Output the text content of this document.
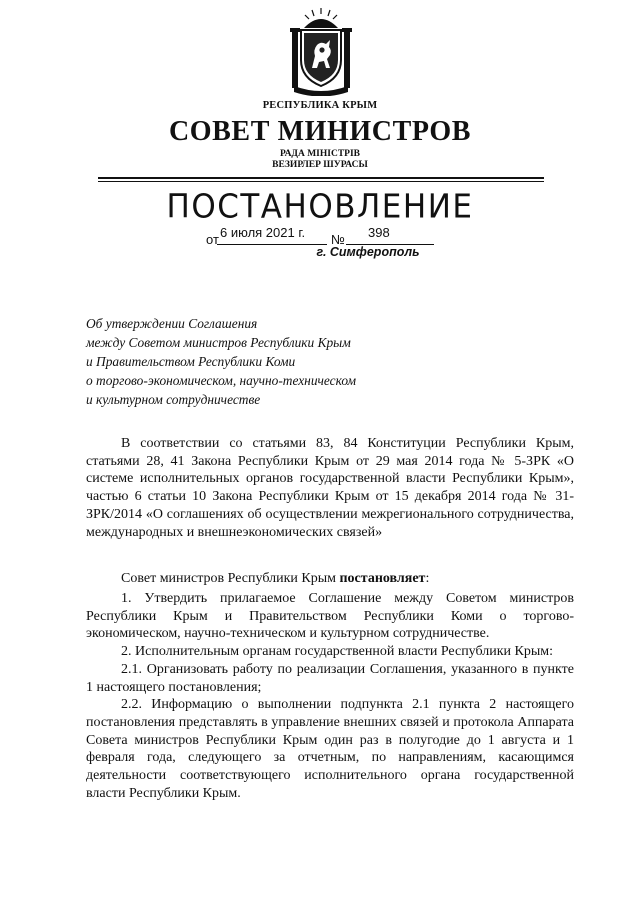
РЕСПУБЛИКА КРЫМ
СОВЕТ МИНИСТРОВ
РАДА МІНІСТРІВ
ВЕЗИРЛЕР ШУРАСЫ
ПОСТАНОВЛЕНИЕ
от 6 июля 2021 г. № 398
г. Симферополь
Об утверждении Соглашения
между Советом министров Республики Крым
и Правительством Республики Коми
о торгово-экономическом, научно-техническом
и культурном сотрудничестве

В соответствии со статьями 83, 84 Конституции Республики Крым, статьями 28, 41 Закона Республики Крым от 29 мая 2014 года № 5-ЗРК «О системе исполнительных органов государственной власти Республики Крым», частью 6 статьи 10 Закона Республики Крым от 15 декабря 2014 года № 31-ЗРК/2014 «О соглашениях об осуществлении межрегионального сотрудничества, международных и внешнеэкономических связей»

Совет министров Республики Крым постановляет:

1. Утвердить прилагаемое Соглашение между Советом министров Республики Крым и Правительством Республики Коми о торгово-экономическом, научно-техническом и культурном сотрудничестве.

2. Исполнительным органам государственной власти Республики Крым:

2.1. Организовать работу по реализации Соглашения, указанного в пункте 1 настоящего постановления;

2.2. Информацию о выполнении подпункта 2.1 пункта 2 настоящего постановления представлять в управление внешних связей и протокола Аппарата Совета министров Республики Крым один раз в полугодие до 1 августа и 1 февраля года, следующего за отчетным, по направлениям, касающимся деятельности соответствующего исполнительного органа государственной власти Республики Крым.
